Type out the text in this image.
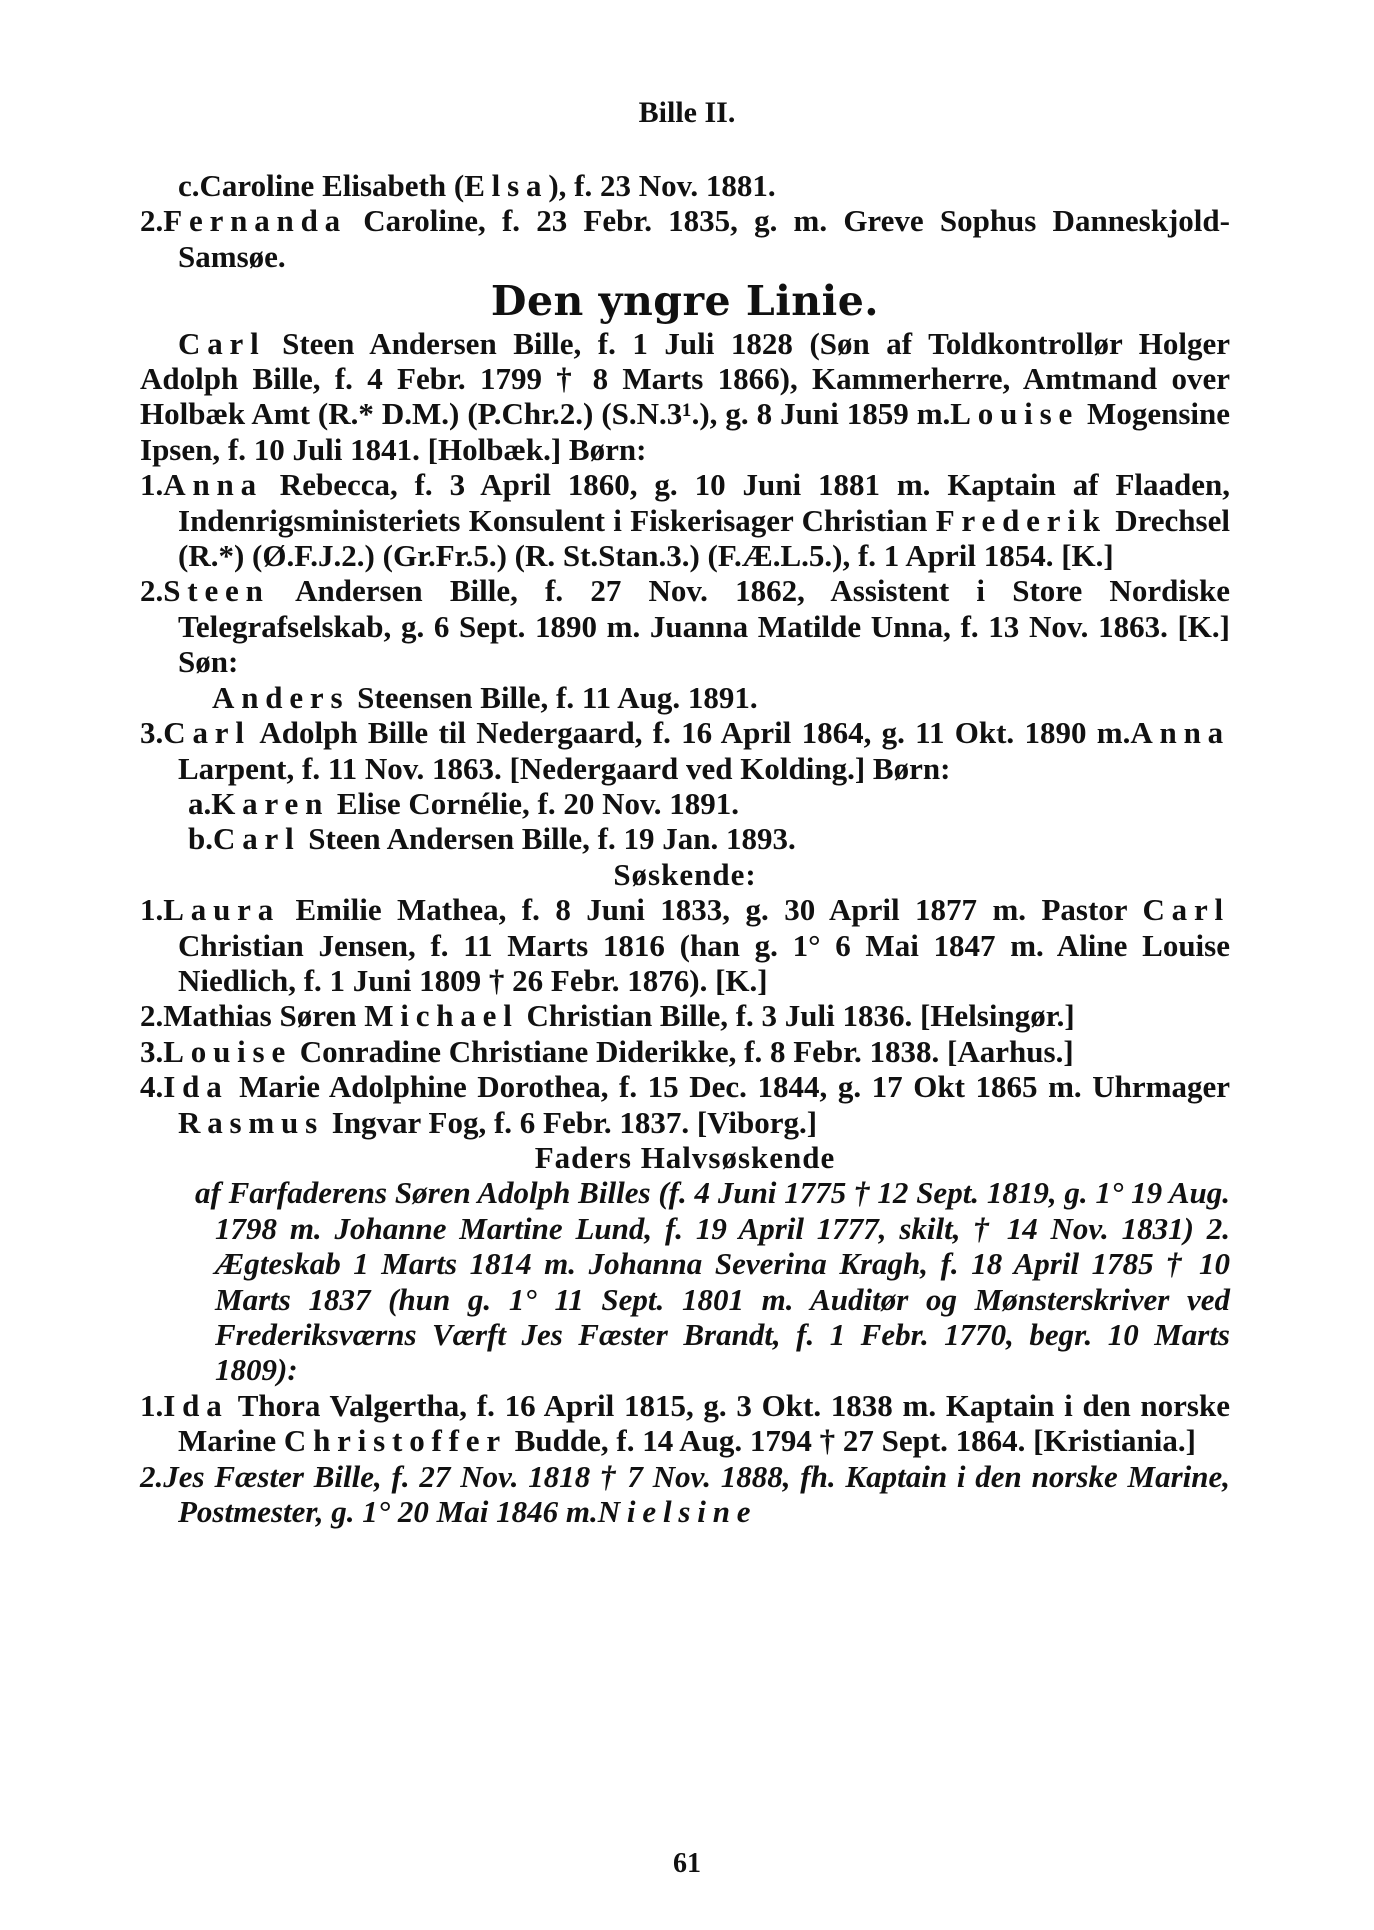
Bille II.
c.Caroline Elisabeth (Elsa), f. 23 Nov. 1881.
2.Fernanda Caroline, f. 23 Febr. 1835, g. m. Greve Sophus Danneskjold-Samsøe.
Den yngre Linie.
Carl Steen Andersen Bille, f. 1 Juli 1828 (Søn af Toldkontrollør Holger Adolph Bille, f. 4 Febr. 1799 † 8 Marts 1866), Kammerherre, Amtmand over Holbæk Amt (R.* D.M.) (P.Chr.2.) (S.N.3¹.), g. 8 Juni 1859 m.Louise Mogensine Ipsen, f. 10 Juli 1841. [Holbæk.] Børn:
1.Anna Rebecca, f. 3 April 1860, g. 10 Juni 1881 m. Kaptain af Flaaden, Indenrigsministeriets Konsulent i Fiskerisager Christian Frederik Drechsel (R.*) (Ø.F.J.2.) (Gr.Fr.5.) (R. St.Stan.3.) (F.Æ.L.5.), f. 1 April 1854. [K.]
2.Steen Andersen Bille, f. 27 Nov. 1862, Assistent i Store Nordiske Telegrafselskab, g. 6 Sept. 1890 m. Juanna Matilde Unna, f. 13 Nov. 1863. [K.] Søn:
Anders Steensen Bille, f. 11 Aug. 1891.
3.Carl Adolph Bille til Nedergaard, f. 16 April 1864, g. 11 Okt. 1890 m.Anna Larpent, f. 11 Nov. 1863. [Nedergaard ved Kolding.] Børn:
a.Karen Elise Cornélie, f. 20 Nov. 1891.
b.Carl Steen Andersen Bille, f. 19 Jan. 1893.
Søskende:
1.Laura Emilie Mathea, f. 8 Juni 1833, g. 30 April 1877 m. Pastor Carl Christian Jensen, f. 11 Marts 1816 (han g. 1° 6 Mai 1847 m. Aline Louise Niedlich, f. 1 Juni 1809 † 26 Febr. 1876). [K.]
2.Mathias Søren Michael Christian Bille, f. 3 Juli 1836. [Helsingør.]
3.Louise Conradine Christiane Diderikke, f. 8 Febr. 1838. [Aarhus.]
4.Ida Marie Adolphine Dorothea, f. 15 Dec. 1844, g. 17 Okt 1865 m. Uhrmager Rasmus Ingvar Fog, f. 6 Febr. 1837. [Viborg.]
Faders Halvsøskende
af Farfaderens Søren Adolph Billes (f. 4 Juni 1775 † 12 Sept. 1819, g. 1° 19 Aug. 1798 m. Johanne Martine Lund, f. 19 April 1777, skilt, † 14 Nov. 1831) 2. Ægteskab 1 Marts 1814 m. Johanna Severina Kragh, f. 18 April 1785 † 10 Marts 1837 (hun g. 1° 11 Sept. 1801 m. Auditør og Mønsterskriver ved Frederiksværns Værft Jes Fæster Brandt, f. 1 Febr. 1770, begr. 10 Marts 1809):
1.Ida Thora Valgertha, f. 16 April 1815, g. 3 Okt. 1838 m. Kaptain i den norske Marine Christoffer Budde, f. 14 Aug. 1794 † 27 Sept. 1864. [Kristiania.]
2.Jes Fæster Bille, f. 27 Nov. 1818 † 7 Nov. 1888, fh. Kaptain i den norske Marine, Postmester, g. 1° 20 Mai 1846 m.Nielsine
61
